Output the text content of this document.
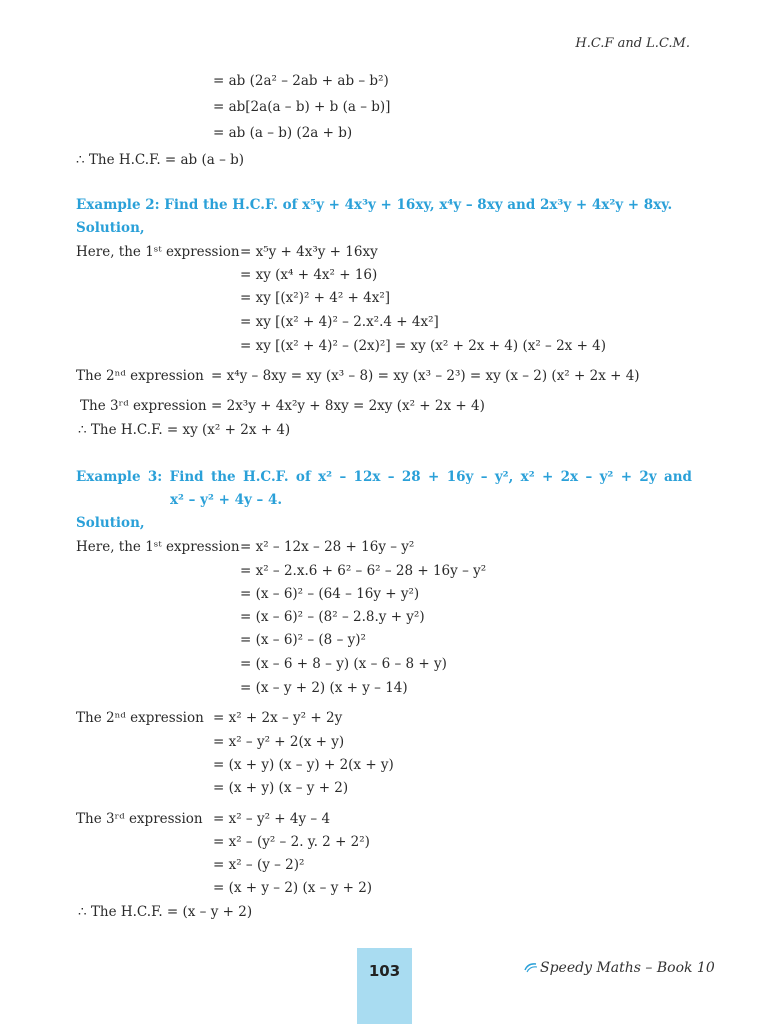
H.C.F and L.C.M.
= ab (2a² – 2ab + ab – b²)
= ab[2a(a – b) + b (a – b)]
= ab (a – b) (2a + b)
∴ The H.C.F. = ab (a – b)
Example 2: Find the H.C.F. of x⁵y + 4x³y + 16xy, x⁴y – 8xy and 2x³y + 4x²y + 8xy.
Solution,
Here, the 1ˢᵗ expression = x⁵y + 4x³y + 16xy
= xy (x⁴ + 4x² + 16)
= xy [(x²)² + 4² + 4x²]
= xy [(x² + 4)² – 2.x².4 + 4x²]
= xy [(x² + 4)² – (2x)²] = xy (x² + 2x + 4) (x² – 2x + 4)
The 2ⁿᵈ expression = x⁴y – 8xy = xy (x³ – 8) = xy (x³ – 2³) = xy (x – 2) (x² + 2x + 4)
The 3ʳᵈ expression = 2x³y + 4x²y + 8xy = 2xy (x² + 2x + 4)
∴ The H.C.F. = xy (x² + 2x + 4)
Example 3: Find the H.C.F. of x² – 12x – 28 + 16y – y², x² + 2x – y² + 2y and
x² – y² + 4y – 4.
Solution,
Here, the 1ˢᵗ expression = x² – 12x – 28 + 16y – y²
= x² – 2.x.6 + 6² – 6² – 28 + 16y – y²
= (x – 6)² – (64 – 16y + y²)
= (x – 6)² – (8² – 2.8.y + y²)
= (x – 6)² – (8 – y)²
= (x – 6 + 8 – y) (x – 6 – 8 + y)
= (x – y + 2) (x + y – 14)
The 2ⁿᵈ expression = x² + 2x – y² + 2y
= x² – y² + 2(x + y)
= (x + y) (x – y) + 2(x + y)
= (x + y) (x – y + 2)
The 3ʳᵈ expression = x² – y² + 4y – 4
= x² – (y² – 2. y. 2 + 2²)
= x² – (y – 2)²
= (x + y – 2) (x – y + 2)
∴ The H.C.F. = (x – y + 2)
103	Speedy Maths – Book 10
